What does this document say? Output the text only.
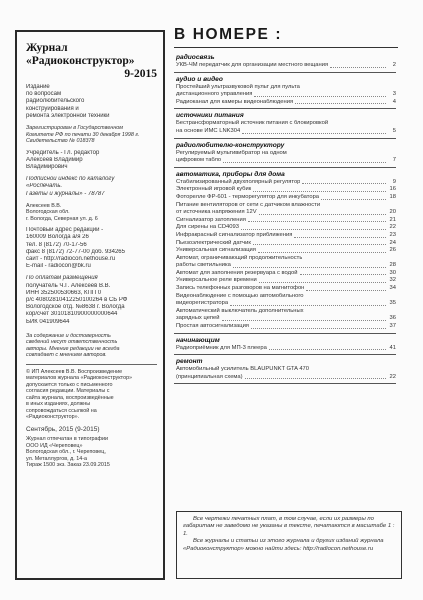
Журнал

«Радиоконструктор»

9-2015

Издание

по вопросам

радиолюбительского

конструирования и

ремонта электронной техники

Зарегистрирован в Государственном

Комитете РФ по печати 30 декабря 1998 г.

Свидетельство № 018378

Учредитель - Гл. редактор

Алексеев Владимир

Владимирович

Подписной индекс по каталогу

«Роспечать.

Газеты и журналы» - 78787

Алексеев В.В.

Вологодская обл.

г. Вологда, Северная ул. д. 6

Почтовый адрес редакции -

160009 Вологда а/я 26

тел. 8 (8172) 70-17-56

факс 8 (8172) 72-77-00 доб. 934265

сайт - http://radiocon.nethouse.ru

E-mail - radiocon@bk.ru

По оплатам размещения

получатель Ч.Г. Алексеев В.В.

ИНН 352500530663, КПП 0

р/с 40802810412250100264 в СБ РФ

Вологодское отд. №8638 г. Вологда

кор/счет 30101810900000000644

БИК 041909644

За содержание и достоверность

сведений несут ответственность

авторы. Мнение редакции не всегда

совпадает с мнением авторов.

© ИП Алексеев В.В. Воспроизведение

материалов журнала «Радиоконструктор»

допускается только с письменного

согласия редакции. Материалы с

сайта журнала, воспроизведённые

в иных изданиях, должны

сопровождаться ссылкой на

«Радиоконструктор».

Сентябрь, 2015 (9-2015)

Журнал отпечатан в типографии

ООО ИД «Череповец»

Вологодская обл., г. Череповец,

ул. Металлургов, д. 14-а

Тираж 1500 экз. Заказ 23.09.2015

В НОМЕРЕ :

радиосвязь

УКВ-ЧМ передатчик для организации местного вещания	2

аудио и видео

Простейший ультразвуковой пульт для пульта
дистанционного управления	3
Радиоканал для камеры видеонаблюдения	4

источники питания

Бестрансформаторный источник питания с блокировкой
на основе ИМС LNK304	5

радиолюбителю-конструктору

Регулируемый мультивибратор на одном
цифровом табло	7

автоматика, приборы для дома

Стабилизированный двухполярный регулятор	9
Электронный игровой кубик	16
Фоторелле ФР-601 - терморегулятор для инкубатора	18
Питание вентиляторов от сети с датчиком влажности
от источника напряжения 12V	20
Сигнализатор затопления	21
Для сирены на CD4093	22
Инфракрасный сигнализатор приближения	23
Пьезоэлектрический датчик	24
Универсальная сигнализация	26
Автомат, ограничивающий продолжительность
работы светильника	28
Автомат для заполнения резервуара с водой	30
Универсальное реле времени	32
Запись телефонных разговоров на магнитофон	34
Видеонаблюдение с помощью автомобильного
видеорегистратора	35
Автоматический выключатель дополнительных
зарядных цепей	36
Простая автосигнализация	37

начинающим

Радиоприёмник для МП-3 плеера	41

ремонт

Автомобильный усилитель BLAUPUNKT GTA 470
(принципиальная схема)	22

Все чертежи печатных плат, в том случае, если их размеры по габаритам не заведомо не указаны в тексте, печатаются в масштабе 1 : 1.

Все журналы и статьи из этого журнала и других изданий журнала «Радиоконструктор» можно найти здесь: http://radiocon.nethouse.ru
